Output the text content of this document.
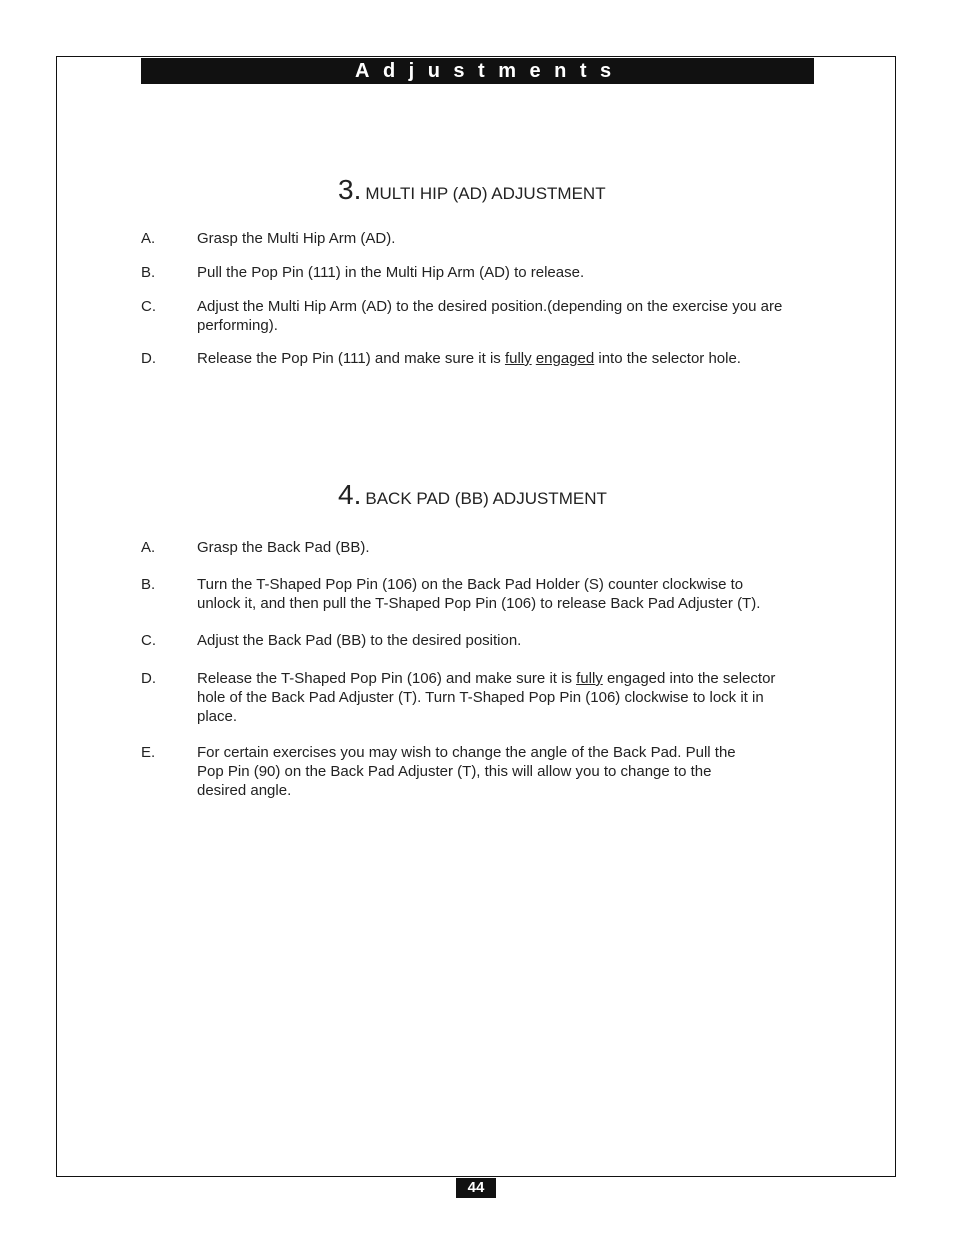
Adjustments
3. MULTI HIP (AD) ADJUSTMENT
A.	Grasp the Multi Hip Arm (AD).
B.	Pull the Pop Pin (111) in the Multi Hip Arm (AD) to release.
C.	Adjust the Multi Hip Arm (AD) to the desired position.(depending on the exercise you are
performing).
D.	Release the Pop Pin (111) and make sure it is fully engaged into the selector hole.
4. BACK PAD (BB) ADJUSTMENT
A.	Grasp the Back Pad (BB).
B.	Turn the T-Shaped Pop Pin (106) on the Back Pad Holder (S) counter clockwise to
unlock it, and then pull the T-Shaped Pop Pin (106) to release Back Pad Adjuster (T).
C.	Adjust the Back Pad (BB) to the desired position.
D.	Release the T-Shaped Pop Pin (106) and make sure it is fully engaged into the selector
hole of the Back Pad Adjuster (T). Turn T-Shaped Pop Pin (106) clockwise to lock it in
place.
E.	For certain exercises you may wish to change the angle of the Back Pad. Pull the
Pop Pin (90) on the Back Pad Adjuster (T), this will allow you to change to the
desired angle.
44
